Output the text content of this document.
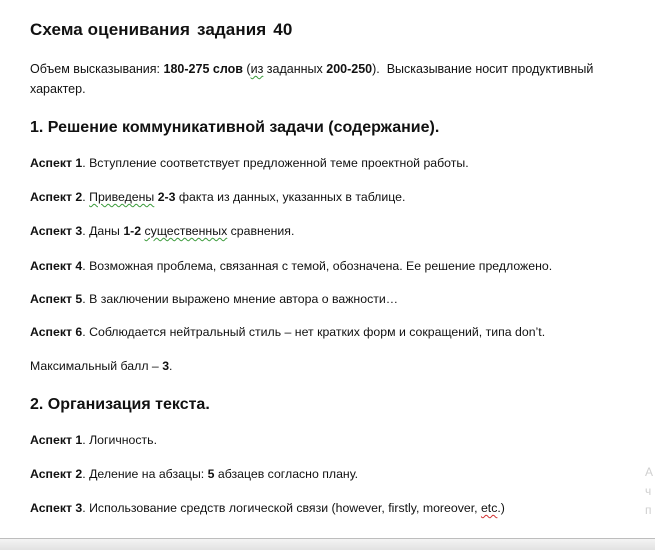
Схема оценивания задания 40
Объем высказывания: 180-275 слов (из заданных 200-250). Высказывание носит продуктивный характер.
1. Решение коммуникативной задачи (содержание).
Аспект 1. Вступление соответствует предложенной теме проектной работы.
Аспект 2. Приведены 2-3 факта из данных, указанных в таблице.
Аспект 3. Даны 1-2 существенных сравнения.
Аспект 4. Возможная проблема, связанная с темой, обозначена. Ее решение предложено.
Аспект 5. В заключении выражено мнение автора о важности…
Аспект 6. Соблюдается нейтральный стиль – нет кратких форм и сокращений, типа don’t.
Максимальный балл – 3.
2. Организация текста.
Аспект 1. Логичность.
Аспект 2. Деление на абзацы: 5 абзацев согласно плану.
Аспект 3. Использование средств логической связи (however, firstly, moreover, etc.)
А
ч
п
